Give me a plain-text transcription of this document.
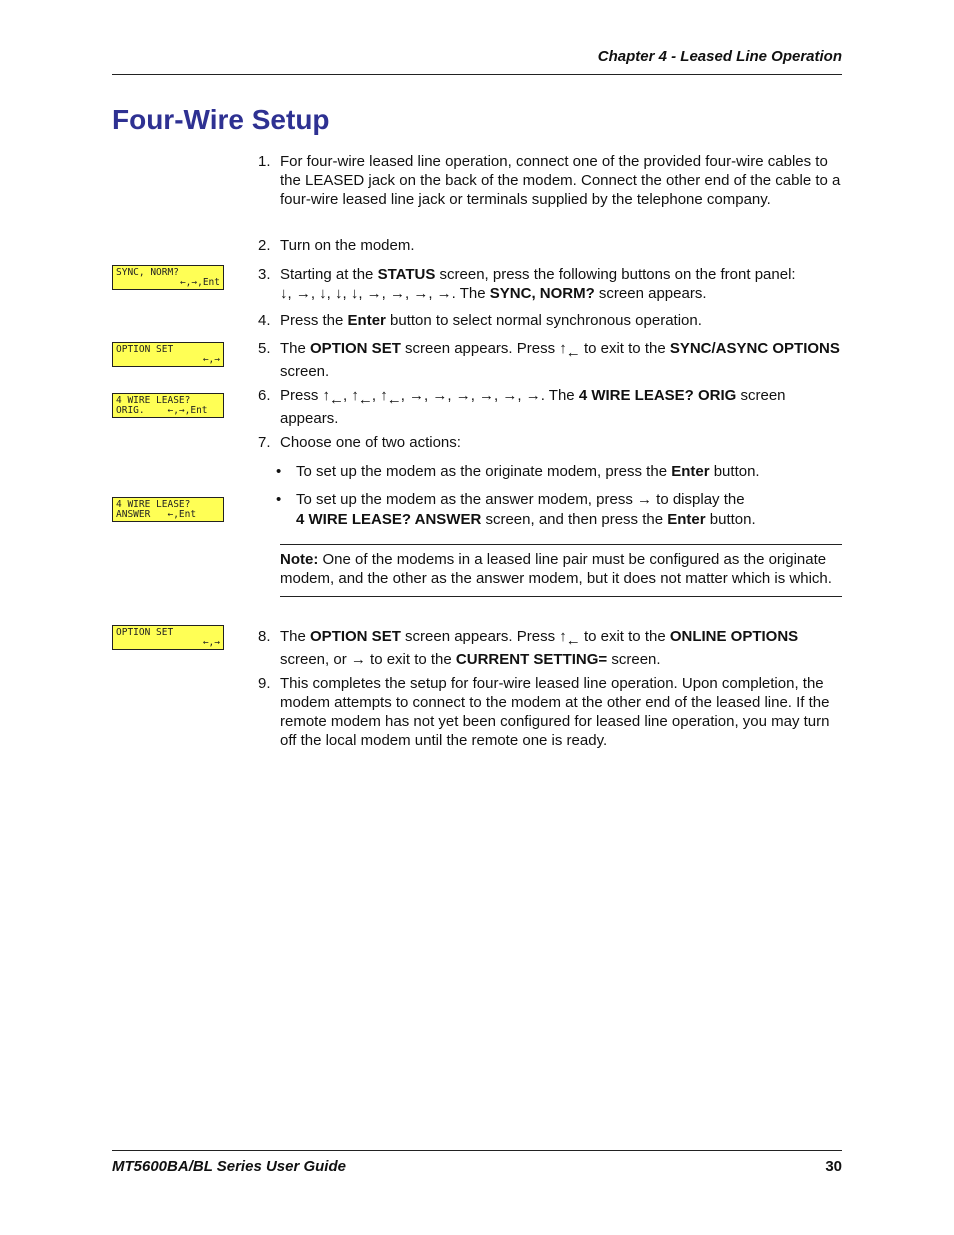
Chapter 4 - Leased Line Operation
Four-Wire Setup
SYNC, NORM?
←,→,Ent
OPTION SET
←,→
4 WIRE LEASE?
ORIG.    ←,→,Ent
4 WIRE LEASE?
ANSWER   ←,Ent
OPTION SET
←,→
1. For four-wire leased line operation, connect one of the provided four-wire cables to the LEASED jack on the back of the modem. Connect the other end of the cable to a four-wire leased line jack or terminals supplied by the telephone company.
2. Turn on the modem.
3. Starting at the STATUS screen, press the following buttons on the front panel:
↓, →, ↓, ↓, ↓, →, →, →, →. The SYNC, NORM? screen appears.
4. Press the Enter button to select normal synchronous operation.
5. The OPTION SET screen appears. Press $↑_\leftarrow$ to exit to the SYNC/ASYNC OPTIONS screen.
6. Press $↑_\leftarrow$, $↑_\leftarrow$, $↑_\leftarrow$, →, →, →, →, →, →. The 4 WIRE LEASE? ORIG screen appears.
7. Choose one of two actions:
• To set up the modem as the originate modem, press the Enter button.
• To set up the modem as the answer modem, press → to display the
4 WIRE LEASE? ANSWER screen, and then press the Enter button.
Note: One of the modems in a leased line pair must be configured as the originate modem, and the other as the answer modem, but it does not matter which is which.
8. The OPTION SET screen appears. Press $↑_\leftarrow$ to exit to the ONLINE OPTIONS screen, or → to exit to the CURRENT SETTING= screen.
9. This completes the setup for four-wire leased line operation. Upon completion, the modem attempts to connect to the modem at the other end of the leased line. If the remote modem has not yet been configured for leased line operation, you may turn off the local modem until the remote one is ready.
MT5600BA/BL Series User Guide	30
